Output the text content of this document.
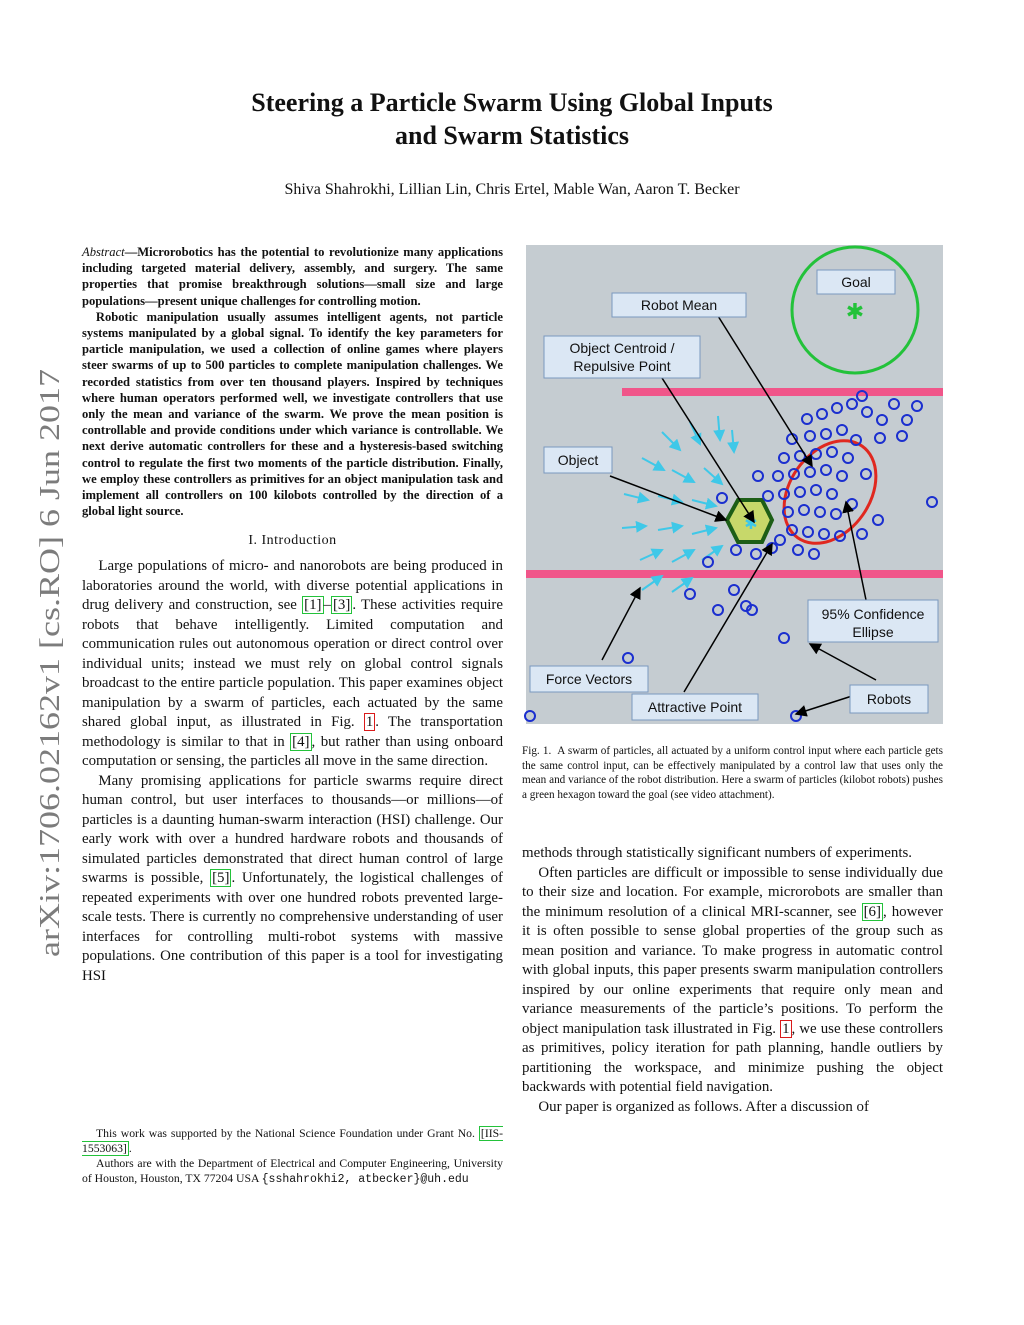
arXiv:1706.02162v1 [cs.RO] 6 Jun 2017
Steering a Particle Swarm Using Global Inputs
and Swarm Statistics
Shiva Shahrokhi, Lillian Lin, Chris Ertel, Mable Wan, Aaron T. Becker

Abstract—Microrobotics has the potential to revolutionize many applications including targeted material delivery, assembly, and surgery. The same properties that promise breakthrough solutions—small size and large populations—present unique challenges for controlling motion.

Robotic manipulation usually assumes intelligent agents, not particle systems manipulated by a global signal. To identify the key parameters for particle manipulation, we used a collection of online games where players steer swarms of up to 500 particles to complete manipulation challenges. We recorded statistics from over ten thousand players. Inspired by techniques where human operators performed well, we investigate controllers that use only the mean and variance of the swarm. We prove the mean position is controllable and provide conditions under which variance is controllable. We next derive automatic controllers for these and a hysteresis-based switching control to regulate the first two moments of the particle distribution. Finally, we employ these controllers as primitives for an object manipulation task and implement all controllers on 100 kilobots controlled by the direction of a global light source.

I. Introduction

Large populations of micro- and nanorobots are being produced in laboratories around the world, with diverse potential applications in drug delivery and construction, see [1] – [3] . These activities require robots that behave intelligently. Limited computation and communication rules out autonomous operation or direct control over individual units; instead we must rely on global control signals broadcast to the entire particle population. This paper examines object manipulation by a swarm of particles, each actuated by the same shared global input, as illustrated in Fig. 1 . The transportation methodology is similar to that in [4] , but rather than using onboard computation or sensing, the particles all move in the same direction.

Many promising applications for particle swarms require direct human control, but user interfaces to thousands—or millions—of particles is a daunting human-swarm interaction (HSI) challenge. Our early work with over a hundred hardware robots and thousands of simulated particles demonstrated that direct human control of large swarms is possible, [5] . Unfortunately, the logistical challenges of repeated experiments with over one hundred robots prevented large-scale tests. There is currently no comprehensive understanding of user interfaces for controlling multi-robot systems with massive populations. One contribution of this paper is a tool for investigating HSI

This work was supported by the National Science Foundation under Grant No. [IIS-1553063] .

Authors are with the Department of Electrical and Computer Engineering, University of Houston, Houston, TX 77204 USA {sshahrokhi2, atbecker}@uh.edu

✱
✱
Goal
Robot Mean
Object Centroid /
Repulsive Point
Object
95% Confidence
Ellipse
Force Vectors
Robots
Attractive Point

Fig. 1. A swarm of particles, all actuated by a uniform control input where each particle gets the same control input, can be effectively manipulated by a control law that uses only the mean and variance of the robot distribution. Here a swarm of particles (kilobot robots) pushes a green hexagon toward the goal (see video attachment).

methods through statistically significant numbers of experiments.

Often particles are difficult or impossible to sense individually due to their size and location. For example, microrobots are smaller than the minimum resolution of a clinical MRI-scanner, see [6] , however it is often possible to sense global properties of the group such as mean position and variance. To make progress in automatic control with global inputs, this paper presents swarm manipulation controllers inspired by our online experiments that require only mean and variance measurements of the particle’s positions. To perform the object manipulation task illustrated in Fig. 1 , we use these controllers as primitives, policy iteration for path planning, handle outliers by partitioning the workspace, and minimize pushing the object backwards with potential field navigation.

Our paper is organized as follows. After a discussion of
